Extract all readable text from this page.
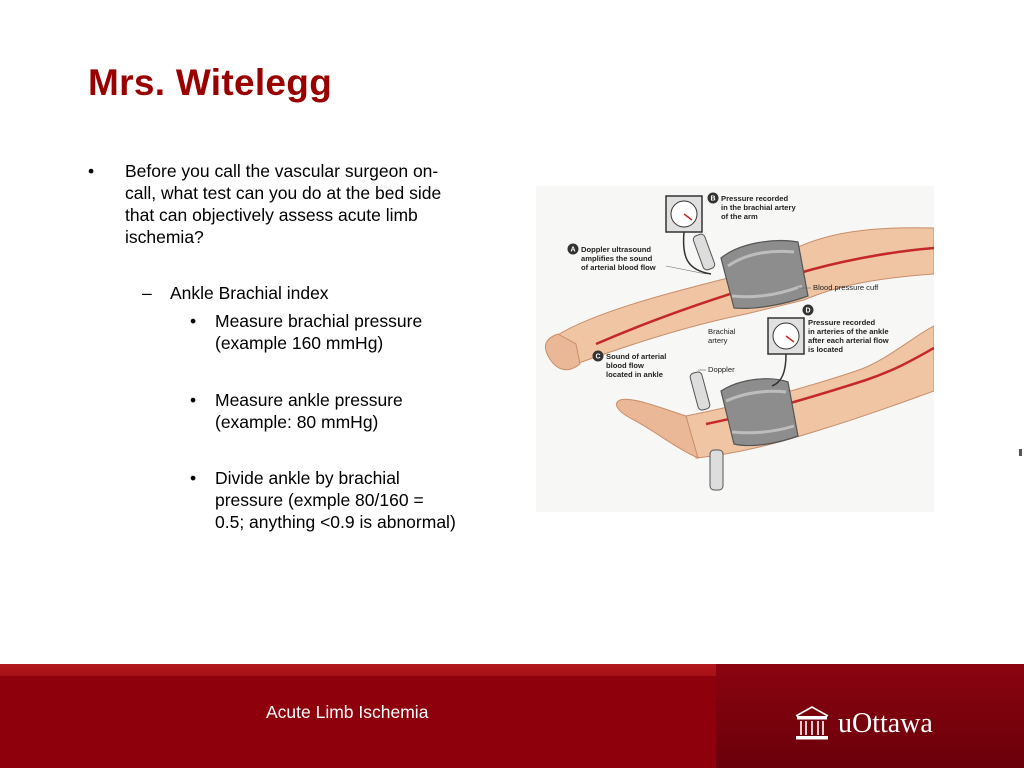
Mrs. Witelegg
• Before you call the vascular surgeon on-
call, what test can you do at the bed side
that can objectively assess acute limb
ischemia?
– Ankle Brachial index
• Measure brachial pressure
(example 160 mmHg)
• Measure ankle pressure
(example: 80 mmHg)
• Divide ankle by brachial
pressure (exmple 80/160 =
0.5; anything <0.9 is abnormal)
A Doppler ultrasound
amplifies the sound
of arterial blood flow
B Pressure recorded
in the brachial artery
of the arm
Blood pressure cuff
D
Pressure recorded
in arteries of the ankle
after each arterial flow
is located
Brachial
artery
C Sound of arterial
blood flow
located in ankle
Doppler
Acute Limb Ischemia	uOttawa
